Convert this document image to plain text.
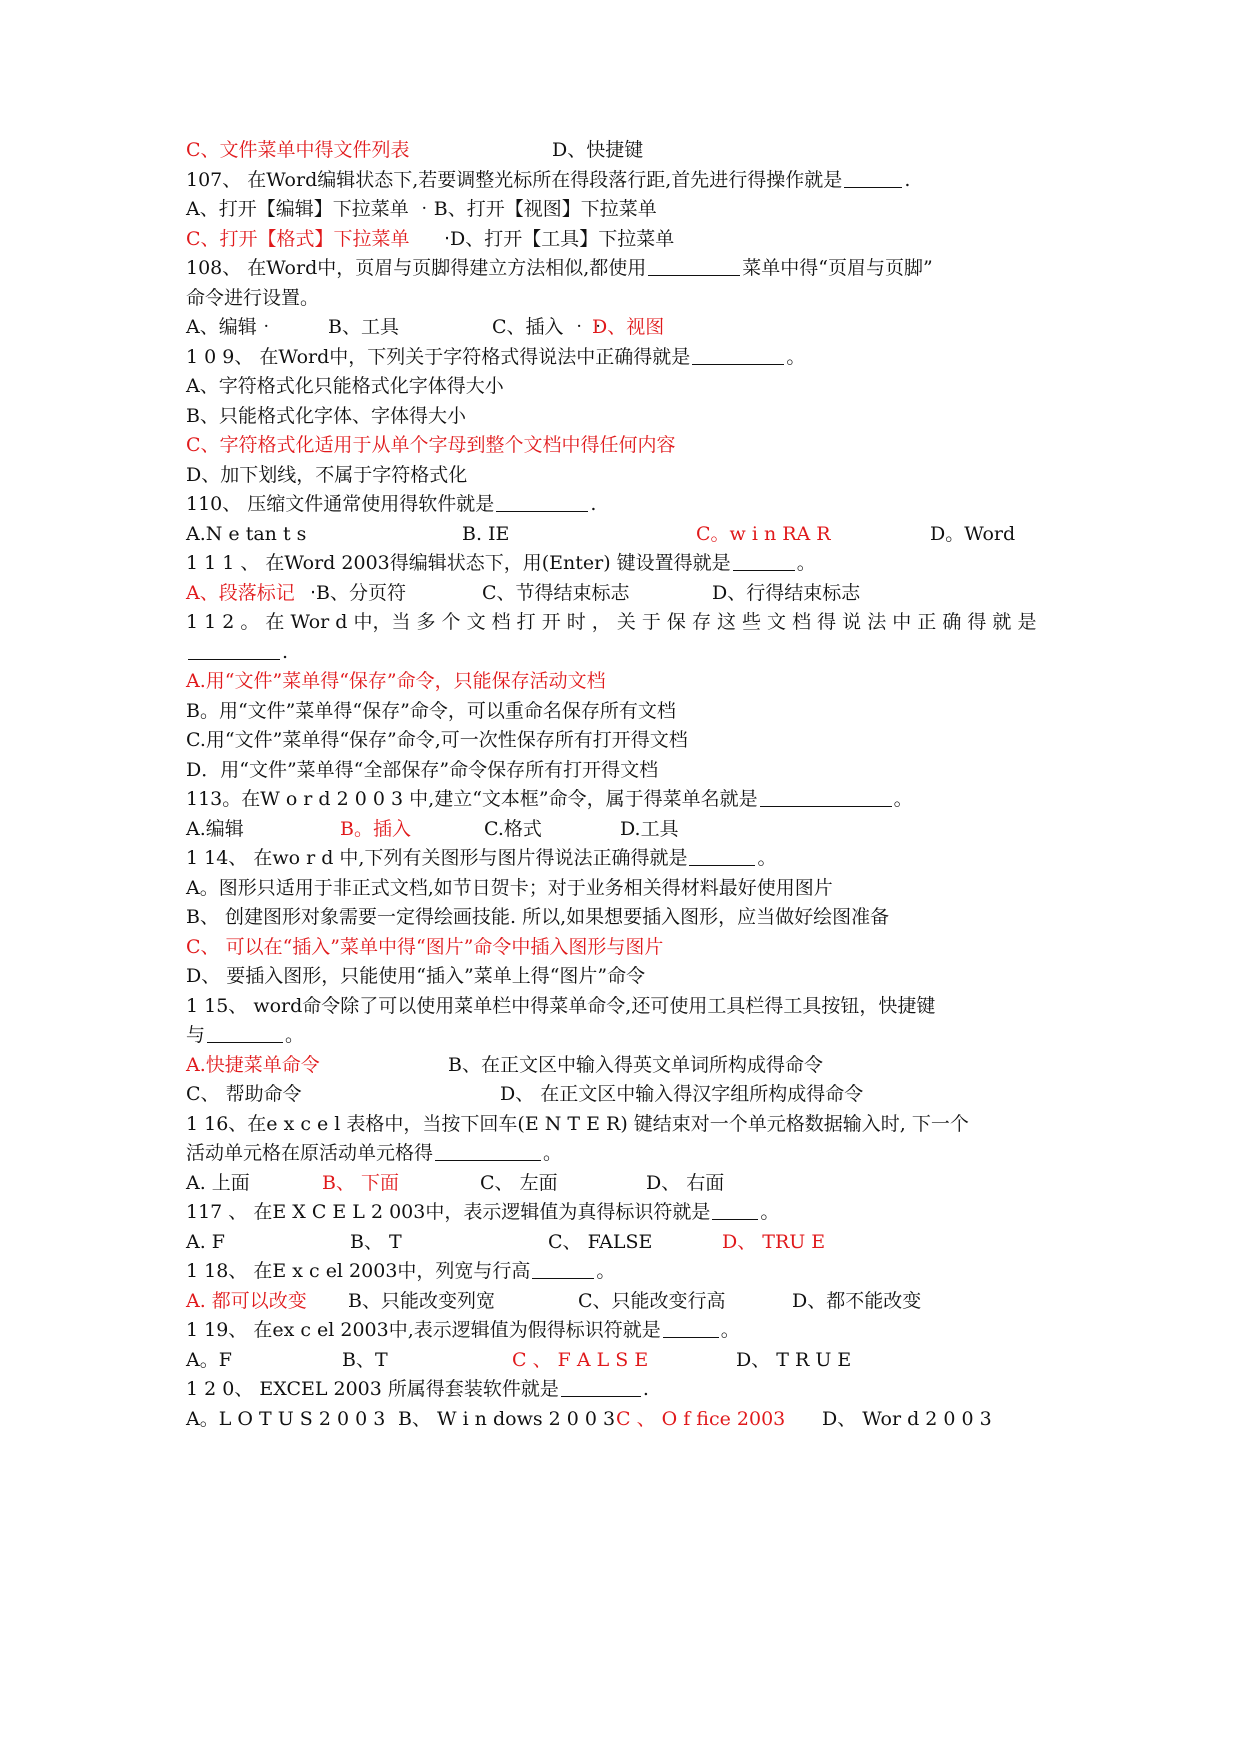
C、文件菜单中得文件列表	D、快捷键
107、 在Word编辑状态下,若要调整光标所在得段落行距,首先进行得操作就是	.
A、打开【编辑】下拉菜单 ‧B、打开【视图】下拉菜单
C、打开【格式】下拉菜单 ‧D、打开【工具】下拉菜单
108、 在Word中，页眉与页脚得建立方法相似,都使用	菜单中得“页眉与页脚”
命令进行设置。
A、编辑‧	B、工具	C、插入 ‧‧
D、视图
1 0 9、 在Word中，下列关于字符格式得说法中正确得就是	。
A、字符格式化只能格式化字体得大小
B、只能格式化字体、字体得大小
C、字符格式化适用于从单个字母到整个文档中得任何内容
D、加下划线，不属于字符格式化
110、 压缩文件通常使用得软件就是	.
A.N e tan t s	B. IE	C。w i n RA R	D。Word
1 1 1 、 在Word 2003得编辑状态下，用(Enter) 键设置得就是	。
A、段落标记 ‧B、分页符	C、节得结束标志	D、行得结束标志
1 1 2 。 在 Wor d 中，当 多 个 文 档 打 开 时 ， 关 于 保 存 这 些 文 档 得 说 法 中 正 确 得 就 是
.
A.用“文件”菜单得“保存”命令，只能保存活动文档
B。用“文件”菜单得“保存”命令，可以重命名保存所有文档
C.用“文件”菜单得“保存”命令,可一次性保存所有打开得文档
D．用“文件”菜单得“全部保存”命令保存所有打开得文档
113。在W o r d 2 0 0 3 中,建立“文本框”命令，属于得菜单名就是	。
A.编辑	B。插入	C.格式	D.工具
1 14、 在wo r d 中,下列有关图形与图片得说法正确得就是	。
A。图形只适用于非正式文档,如节日贺卡；对于业务相关得材料最好使用图片
B、 创建图形对象需要一定得绘画技能. 所以,如果想要插入图形，应当做好绘图准备
C、 可以在“插入”菜单中得“图片”命令中插入图形与图片
D、 要插入图形，只能使用“插入”菜单上得“图片”命令
1 15、 word命令除了可以使用菜单栏中得菜单命令,还可使用工具栏得工具按钮，快捷键
与	。
A.快捷菜单命令	B、在正文区中输入得英文单词所构成得命令
C、 帮助命令	D、 在正文区中输入得汉字组所构成得命令
1 16、在e x c e l 表格中，当按下回车(E N T E R) 键结束对一个单元格数据输入时, 下一个
活动单元格在原活动单元格得	。
A. 上面	B、 下面	C、 左面	D、 右面
117 、 在E X C E L 2 003中，表示逻辑值为真得标识符就是	。
A. F	B、 T	C、 FALSE	D、 TRU E
1 18、 在E x c el 2003中，列宽与行高	。
A. 都可以改变 B、只能改变列宽	C、只能改变行高	D、都不能改变
1 19、 在ex c el 2003中,表示逻辑值为假得标识符就是	。
A。F	B、T	C 、 F A L S E	D、 T R U E
1 2 0、 EXCEL 2003 所属得套装软件就是	.
A。L O T U S 2 0 0 3 B、 W i n dows 2 0 0 3 C 、 O f fice 2003 D、 Wor d 2 0 0 3
